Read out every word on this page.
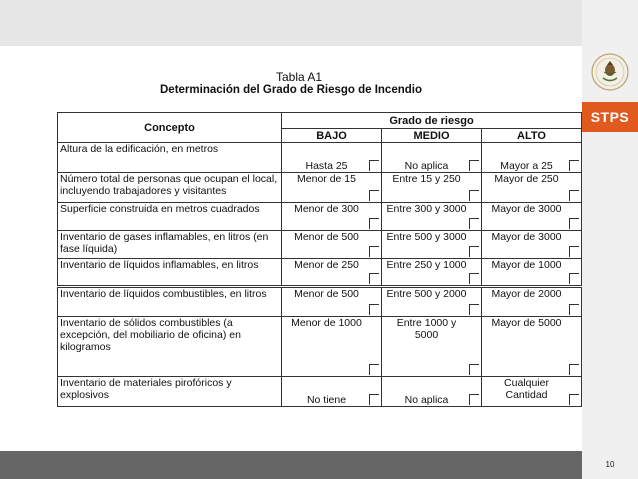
STPS
10
Tabla A1
Determinación del Grado de Riesgo de Incendio
Concepto	Grado de riesgo		
	BAJO	MEDIO	ALTO
Altura de la edificación, en metros	Hasta 25	No aplica	Mayor a 25

Número total de personas que ocupan el local, incluyendo trabajadores y visitantes	Menor de 15	Entre 15 y 250	Mayor de 250

Superficie construida en metros cuadrados	Menor de 300	Entre 300 y 3000	Mayor de 3000

Inventario de gases inflamables, en litros (en fase líquida)	Menor de 500	Entre 500 y 3000	Mayor de 3000

Inventario de líquidos inflamables, en litros	Menor de 250	Entre 250 y 1000	Mayor de 1000

Inventario de líquidos combustibles, en litros	Menor de 500	Entre 500 y 2000	Mayor de 2000

Inventario de sólidos combustibles (a excepción, del mobiliario de oficina) en kilogramos	Menor de 1000	Entre 1000 y 5000	Mayor de 5000

Inventario de materiales pirofóricos y explosivos	No tiene	No aplica	Cualquier Cantidad
